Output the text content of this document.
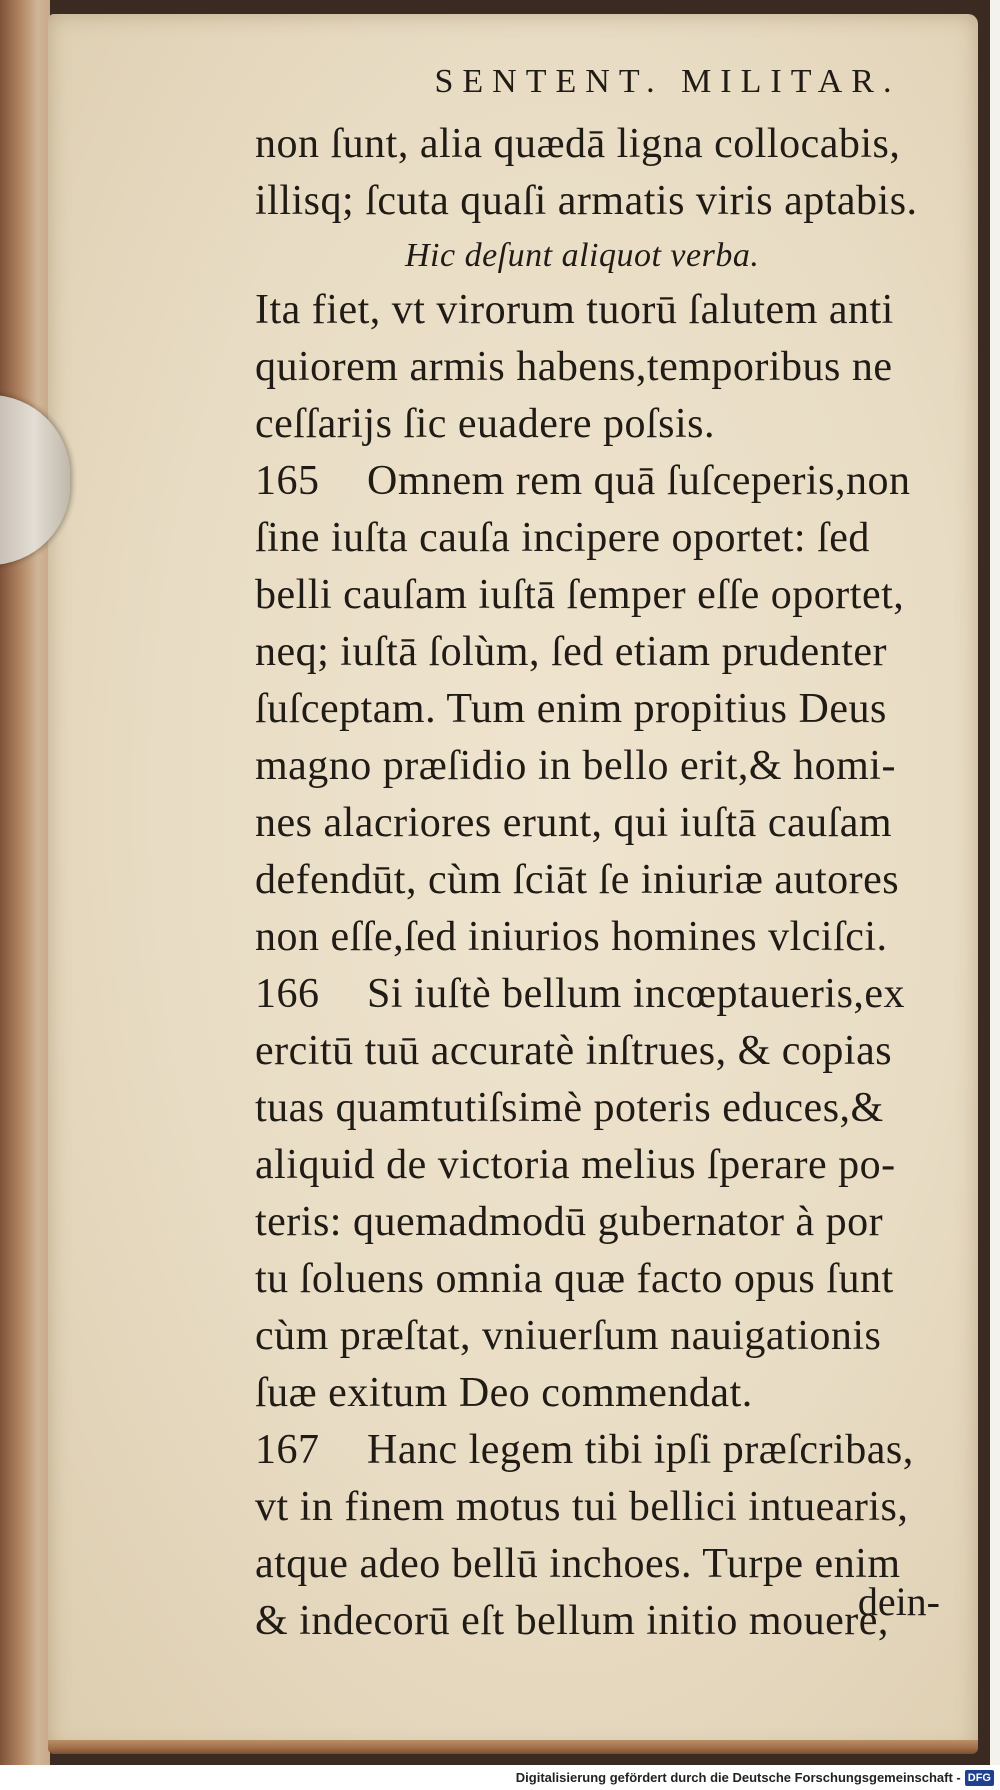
SENTENT. MILITAR.
non ſunt, alia quædā ligna collocabis,
illisq; ſcuta quaſi armatis viris aptabis.
Hic deſunt aliquot verba.
Ita fiet, vt virorum tuorū ſalutem anti
quiorem armis habens,temporibus ne
ceſſarijs ſic euadere poſsis.
165 Omnem rem quā ſuſceperis,non
ſine iuſta cauſa incipere oportet: ſed
belli cauſam iuſtā ſemper eſſe oportet,
neq; iuſtā ſolùm, ſed etiam prudenter
ſuſceptam. Tum enim propitius Deus
magno præſidio in bello erit,& homi-
nes alacriores erunt, qui iuſtā cauſam
defendūt, cùm ſciāt ſe iniuriæ autores
non eſſe,ſed iniurios homines vlciſci.
166 Si iuſtè bellum incœptaueris,ex
ercitū tuū accuratè inſtrues, & copias
tuas quamtutiſsimè poteris educes,&
aliquid de victoria melius ſperare po-
teris: quemadmodū gubernator à por
tu ſoluens omnia quæ facto opus ſunt
cùm præſtat, vniuerſum nauigationis
ſuæ exitum Deo commendat.
167 Hanc legem tibi ipſi præſcribas,
vt in finem motus tui bellici intuearis,
atque adeo bellū inchoes. Turpe enim
& indecorū eſt bellum initio mouere,
dein-
Digitalisierung gefördert durch die Deutsche Forschungsgemeinschaft - DFG
